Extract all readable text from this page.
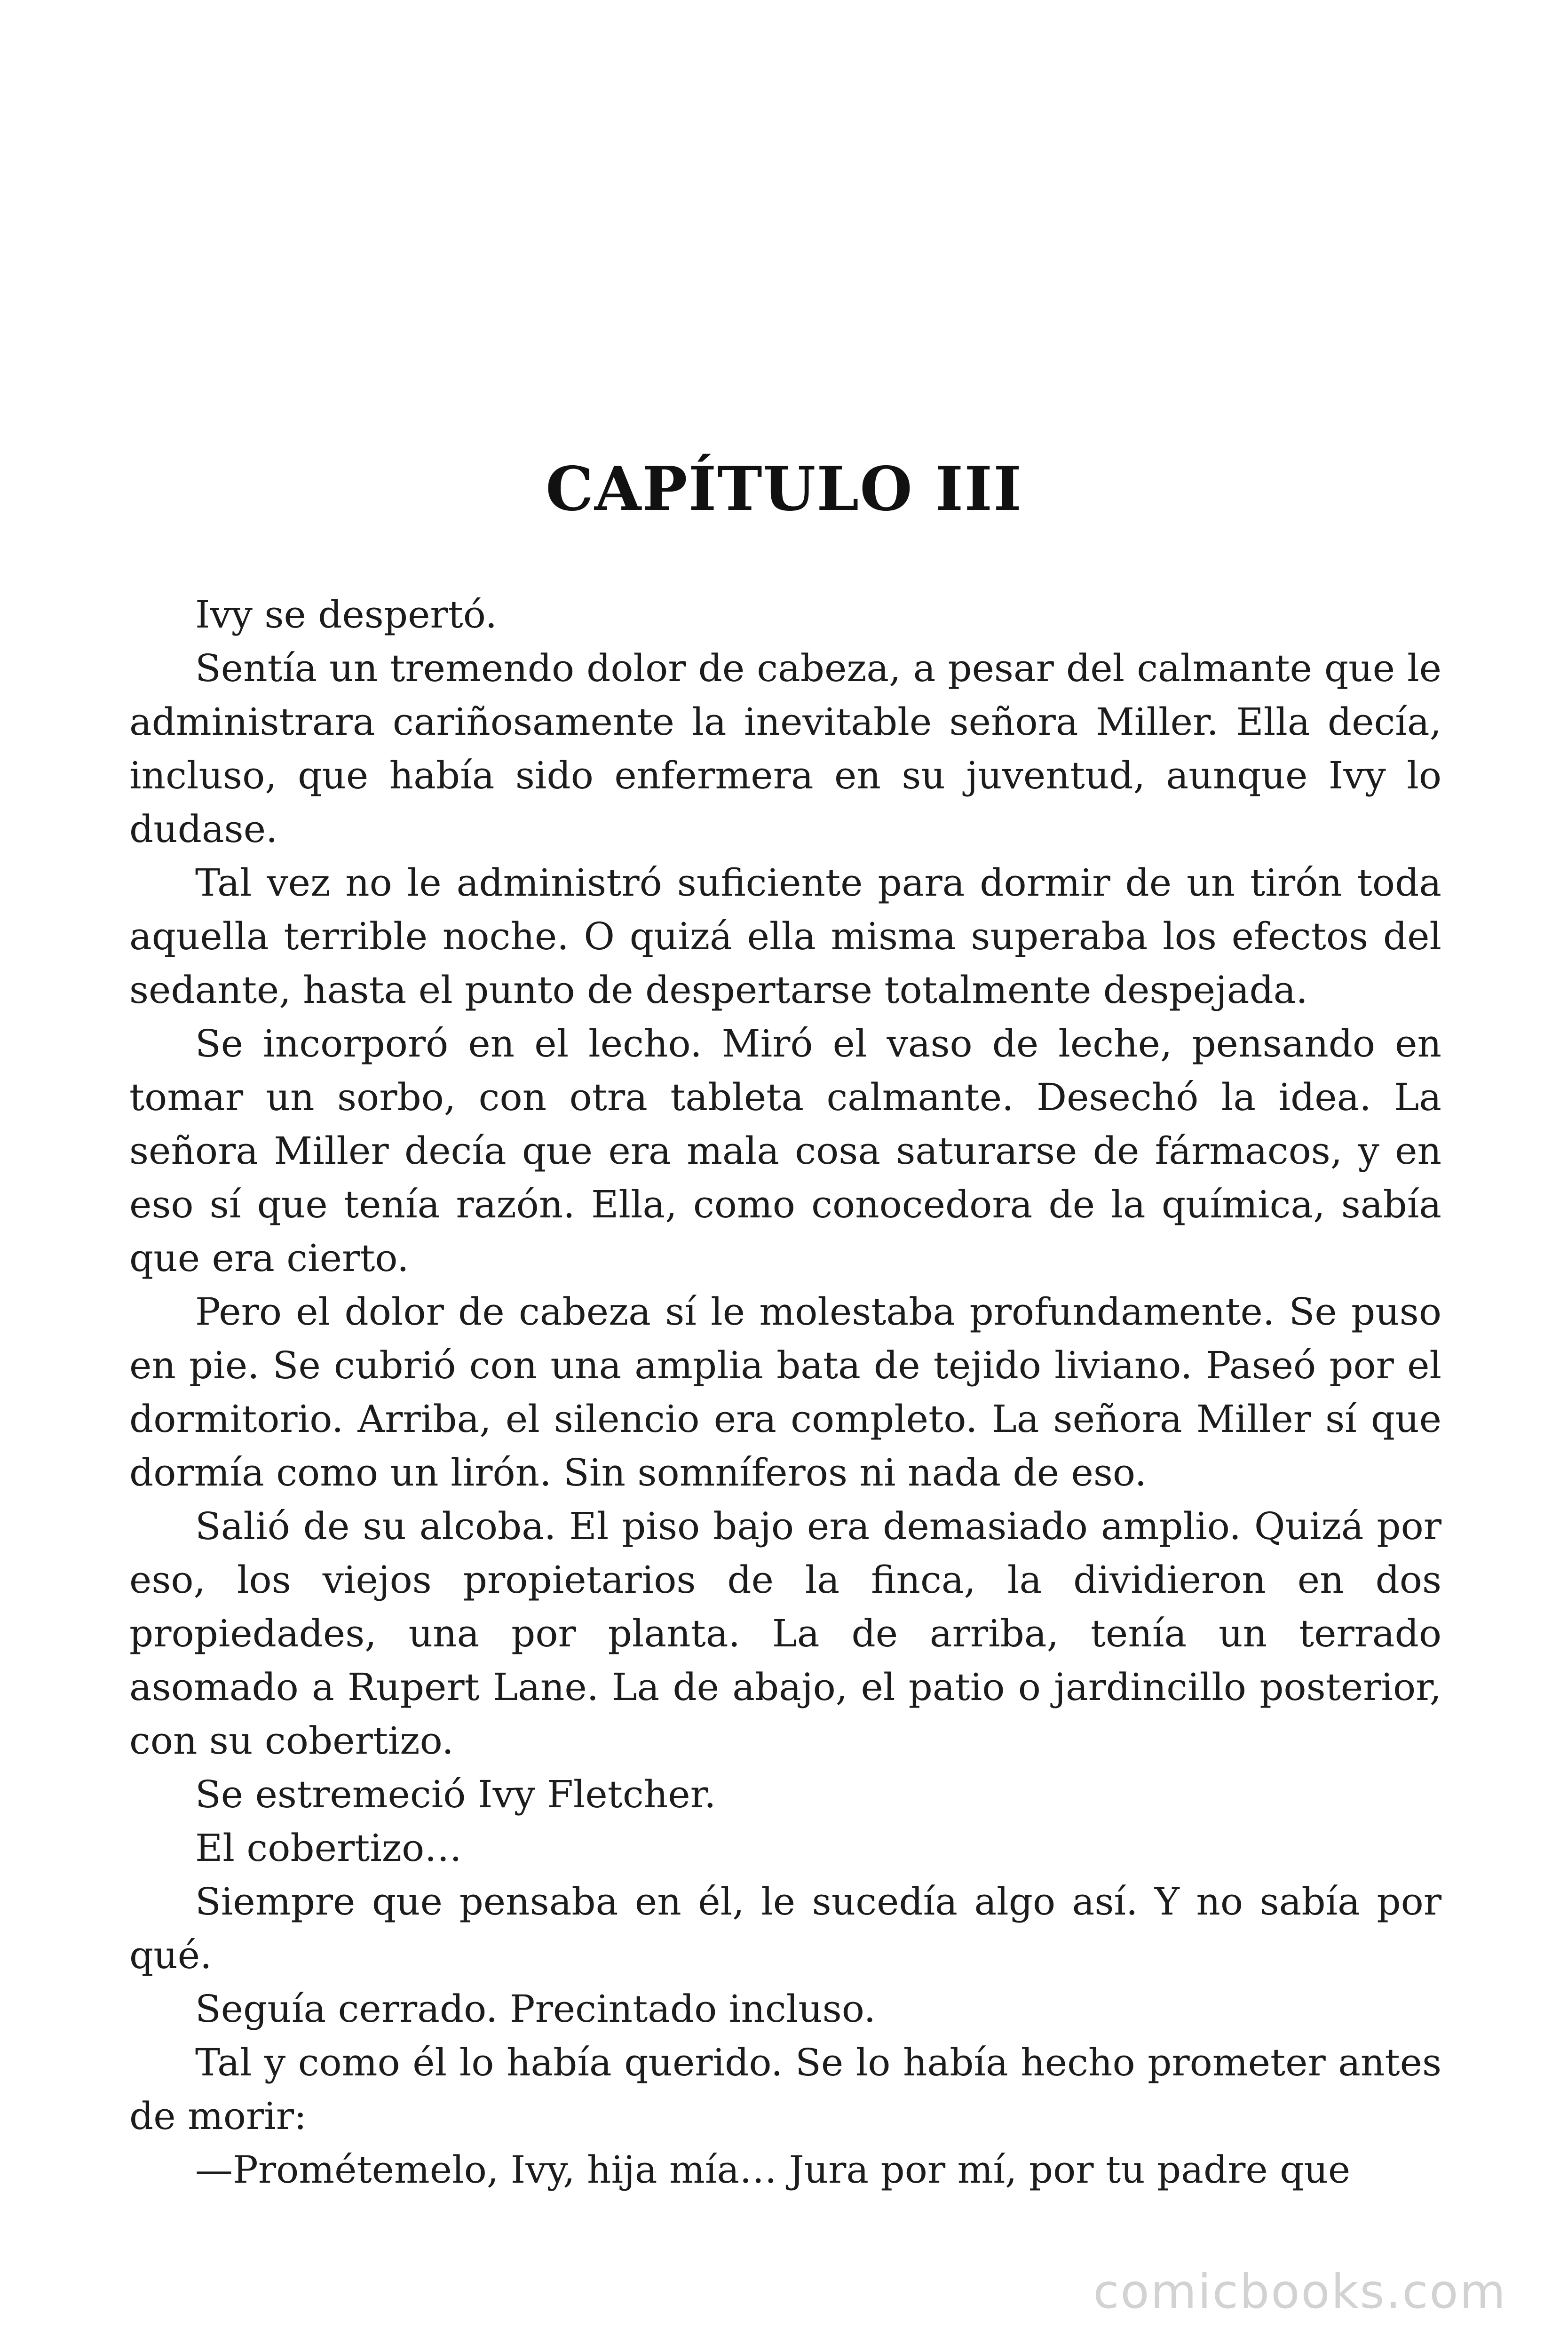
CAPÍTULO III

Ivy se despertó.

Sentía un tremendo dolor de cabeza, a pesar del calmante que le administrara cariñosamente la inevitable señora Miller. Ella decía, incluso, que había sido enfermera en su juventud, aunque Ivy lo dudase.

Tal vez no le administró suficiente para dormir de un tirón toda aquella terrible noche. O quizá ella misma superaba los efectos del sedante, hasta el punto de despertarse totalmente despejada.

Se incorporó en el lecho. Miró el vaso de leche, pensando en tomar un sorbo, con otra tableta calmante. Desechó la idea. La señora Miller decía que era mala cosa saturarse de fármacos, y en eso sí que tenía razón. Ella, como conocedora de la química, sabía que era cierto.

Pero el dolor de cabeza sí le molestaba profundamente. Se puso en pie. Se cubrió con una amplia bata de tejido liviano. Paseó por el dormitorio. Arriba, el silencio era completo. La señora Miller sí que dormía como un lirón. Sin somníferos ni nada de eso.

Salió de su alcoba. El piso bajo era demasiado amplio. Quizá por eso, los viejos propietarios de la finca, la dividieron en dos propiedades, una por planta. La de arriba, tenía un terrado asomado a Rupert Lane. La de abajo, el patio o jardincillo posterior, con su cobertizo.

Se estremeció Ivy Fletcher.

El cobertizo…

Siempre que pensaba en él, le sucedía algo así. Y no sabía por qué.

Seguía cerrado. Precintado incluso.

Tal y como él lo había querido. Se lo había hecho prometer antes de morir:

—Prométemelo, Ivy, hija mía… Jura por mí, por tu padre que

comicbooks.com
